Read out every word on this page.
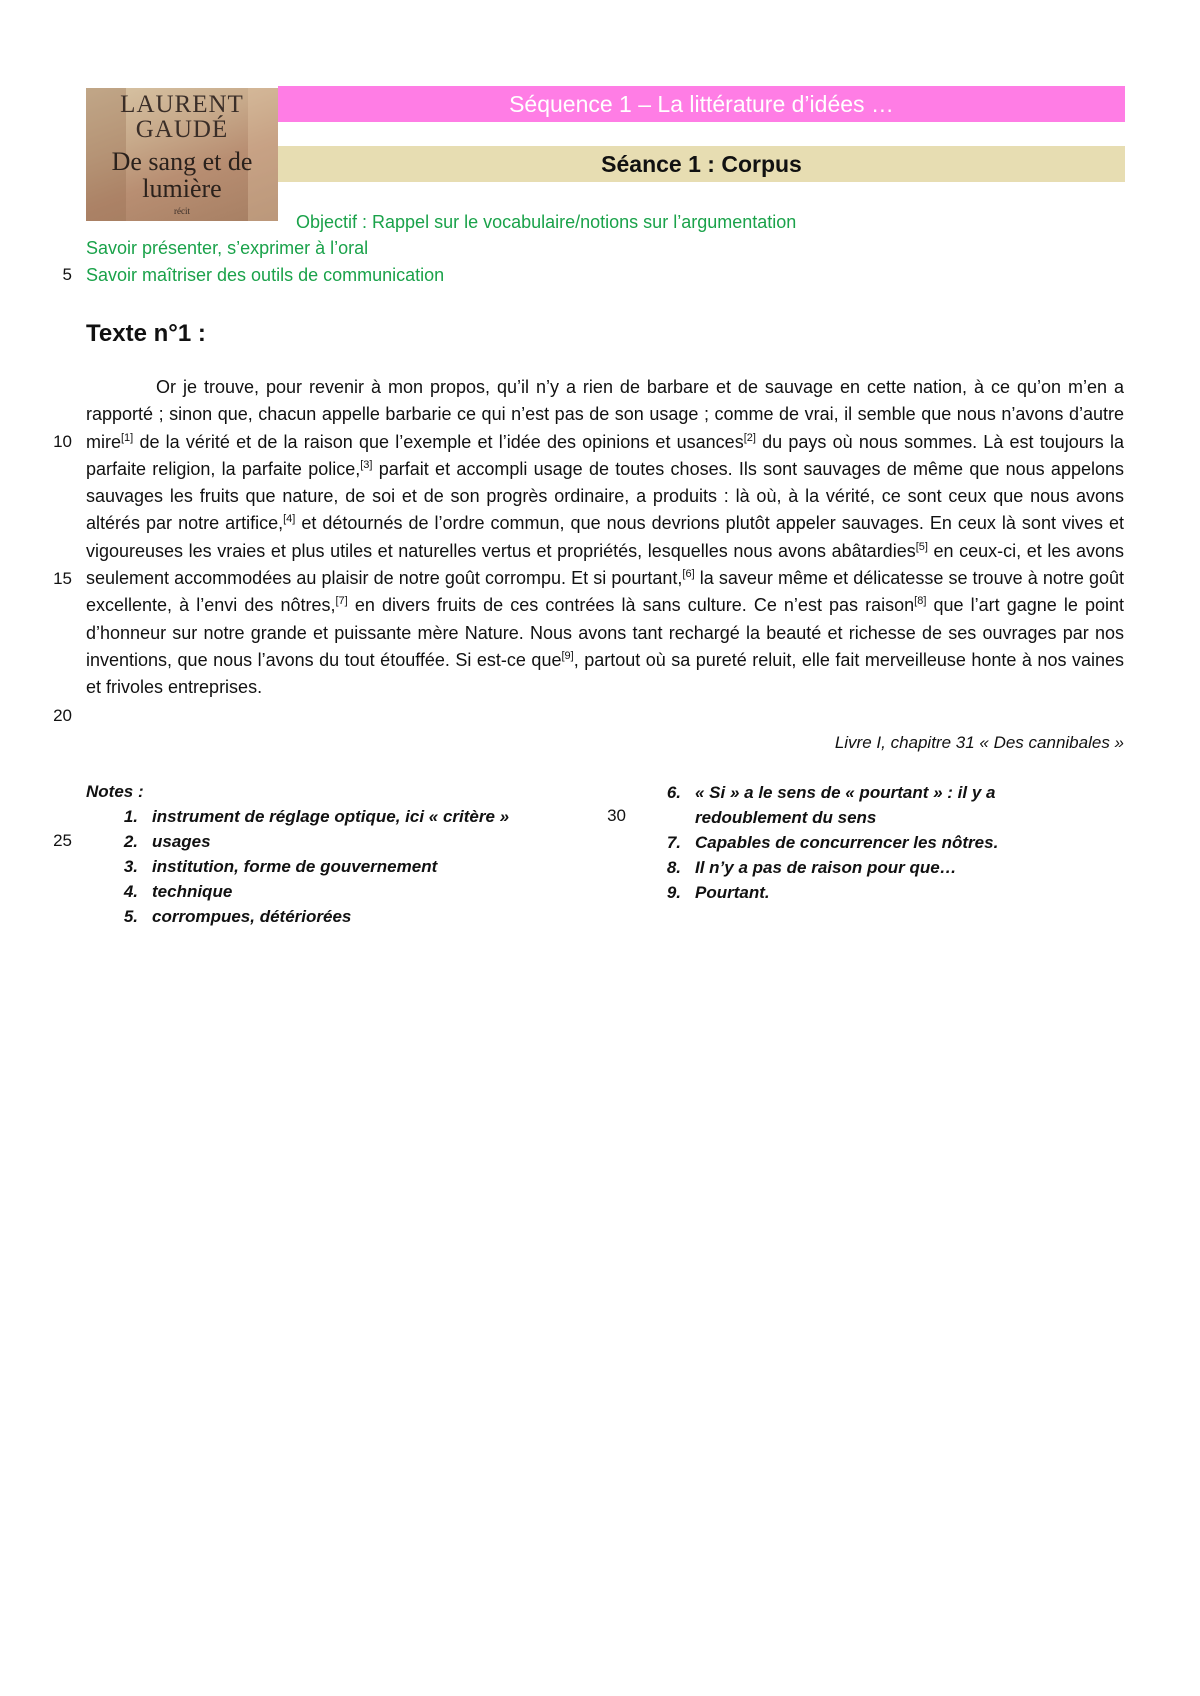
LAURENT GAUDÉ
De sang et de lumière
récit
Séquence 1 – La littérature d’idées …
Séance 1 : Corpus
Objectif : Rappel sur le vocabulaire/notions sur l’argumentation
Savoir présenter, s’exprimer à l’oral
Savoir maîtriser des outils de communication
5
10
15
20
25
30
Texte n°1 :
Or je trouve, pour revenir à mon propos, qu’il n’y a rien de barbare et de sauvage en cette nation, à ce qu’on m’en a rapporté ; sinon que, chacun appelle barbarie ce qui n’est pas de son usage ; comme de vrai, il semble que nous n’avons d’autre mire[1] de la vérité et de la raison que l’exemple et l’idée des opinions et usances[2] du pays où nous sommes. Là est toujours la parfaite religion, la parfaite police,[3] parfait et accompli usage de toutes choses. Ils sont sauvages de même que nous appelons sauvages les fruits que nature, de soi et de son progrès ordinaire, a produits : là où, à la vérité, ce sont ceux que nous avons altérés par notre artifice,[4] et détournés de l’ordre commun, que nous devrions plutôt appeler sauvages. En ceux là sont vives et vigoureuses les vraies et plus utiles et naturelles vertus et propriétés, lesquelles nous avons abâtardies[5] en ceux-ci, et les avons seulement accommodées au plaisir de notre goût corrompu. Et si pourtant,[6] la saveur même et délicatesse se trouve à notre goût excellente, à l’envi des nôtres,[7] en divers fruits de ces contrées là sans culture. Ce n’est pas raison[8] que l’art gagne le point d’honneur sur notre grande et puissante mère Nature. Nous avons tant rechargé la beauté et richesse de ses ouvrages par nos inventions, que nous l’avons du tout étouffée. Si est-ce que[9], partout où sa pureté reluit, elle fait merveilleuse honte à nos vaines et frivoles entreprises.
Livre I, chapitre 31 « Des cannibales »
Notes :
1. instrument de réglage optique, ici « critère »
2. usages
3. institution, forme de gouvernement
4. technique
5. corrompues, détériorées
6. « Si » a le sens de « pourtant » : il y a redoublement du sens
7. Capables de concurrencer les nôtres.
8. Il n’y a pas de raison pour que…
9. Pourtant.
